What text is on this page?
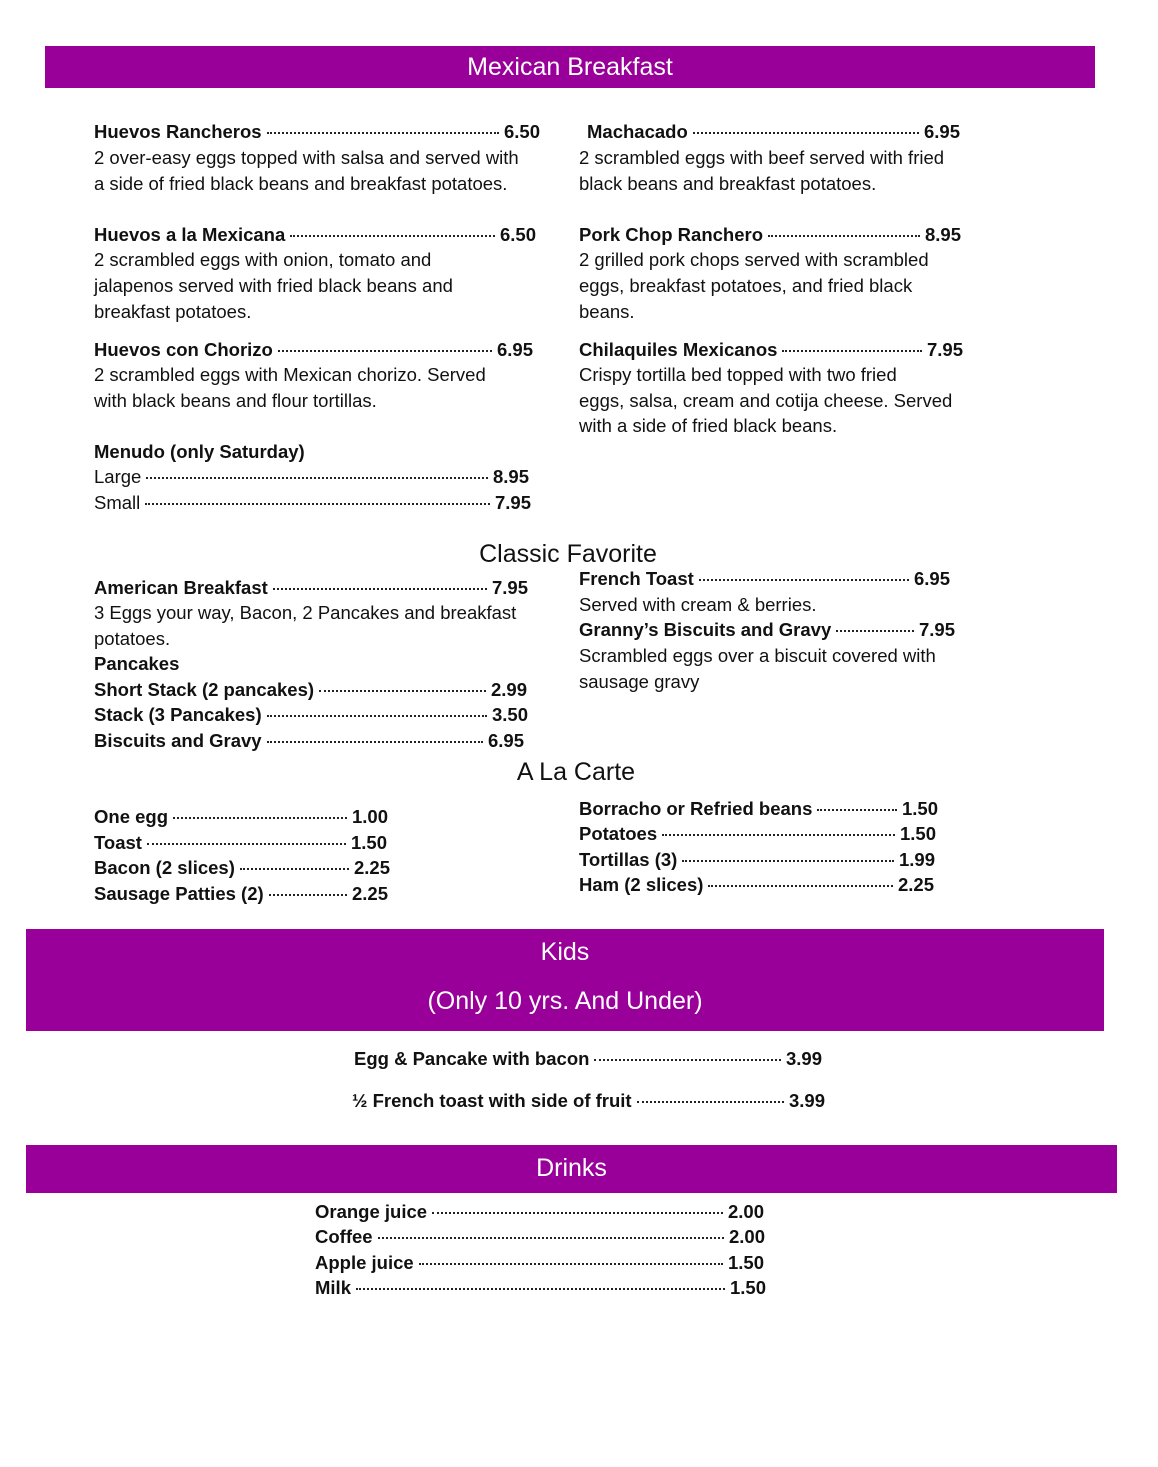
Mexican Breakfast
Huevos Rancheros	6.50
2 over-easy eggs topped with salsa and served with
a side of fried black beans and breakfast potatoes.
Huevos a la Mexicana	6.50
2 scrambled eggs with onion, tomato and
jalapenos served with fried black beans and
breakfast potatoes.
Huevos con Chorizo	6.95
2 scrambled eggs with Mexican chorizo. Served
with black beans and flour tortillas.
Menudo (only Saturday)
Large	8.95
Small	7.95
Machacado	6.95
2 scrambled eggs with beef served with fried
black beans and breakfast potatoes.
Pork Chop Ranchero	8.95
2 grilled pork chops served with scrambled
eggs, breakfast potatoes, and fried black
beans.
Chilaquiles Mexicanos	7.95
Crispy tortilla bed topped with two fried
eggs, salsa, cream and cotija cheese. Served
with a side of fried black beans.
Classic Favorite
American Breakfast	7.95
3 Eggs your way, Bacon, 2 Pancakes and breakfast
potatoes.
Pancakes
Short Stack (2 pancakes)	2.99
Stack (3 Pancakes)	3.50
Biscuits and Gravy	6.95
French Toast	6.95
Served with cream & berries.
Granny’s Biscuits and Gravy	7.95
Scrambled eggs over a biscuit covered with
sausage gravy
A La Carte
One egg	1.00
Toast	1.50
Bacon (2 slices)	2.25
Sausage Patties (2)	2.25
Borracho or Refried beans	1.50
Potatoes	1.50
Tortillas (3)	1.99
Ham (2 slices)	2.25
Kids
(Only 10 yrs. And Under)
Egg & Pancake with bacon	3.99
½ French toast with side of fruit	3.99
Drinks
Orange juice	2.00
Coffee	2.00
Apple juice	1.50
Milk	1.50
